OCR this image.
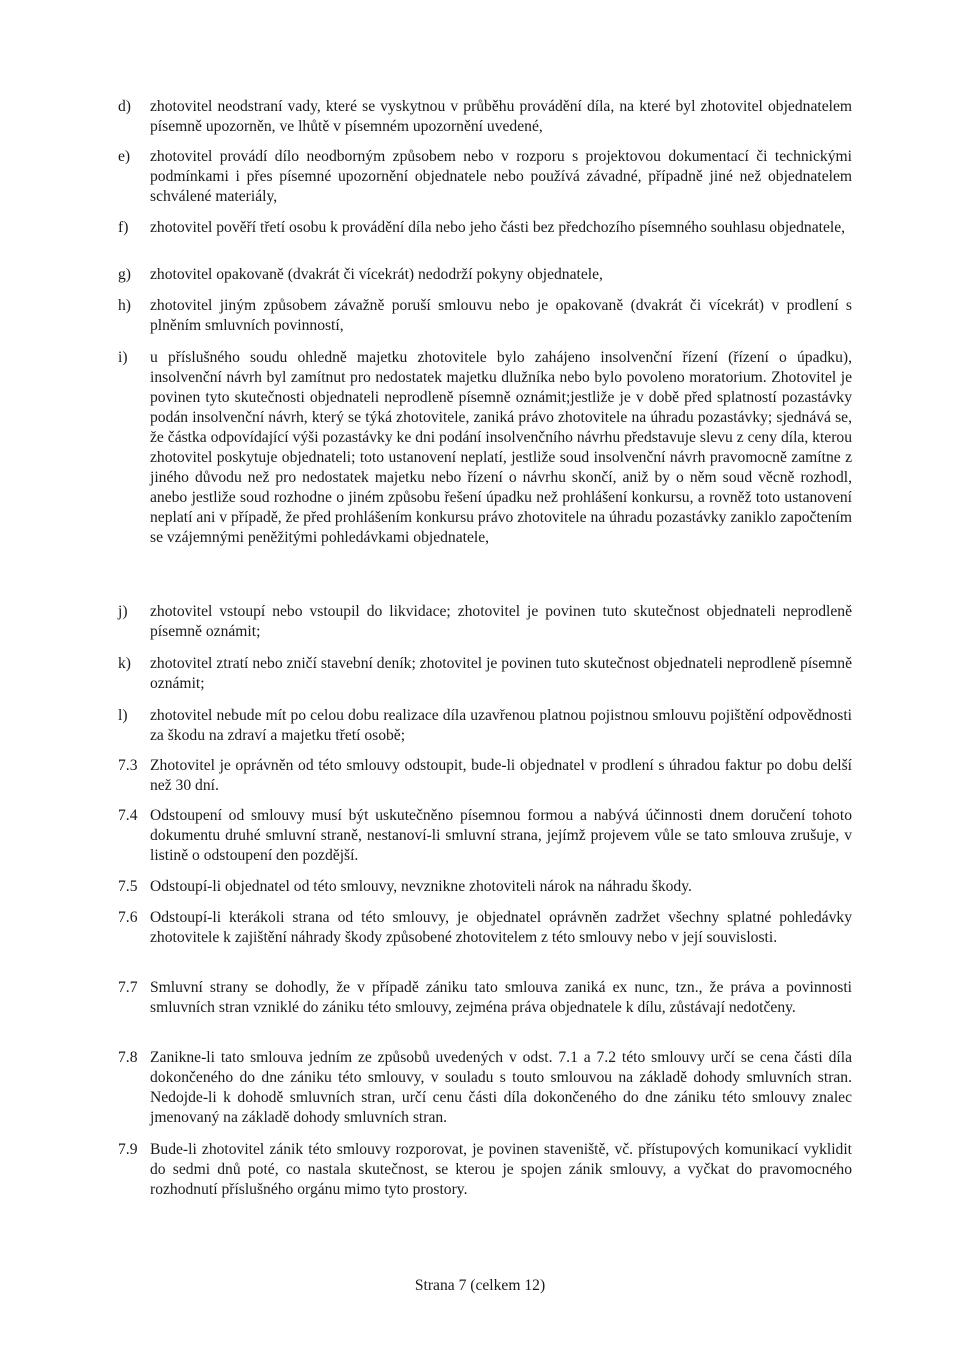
d)	zhotovitel neodstraní vady, které se vyskytnou v průběhu provádění díla, na které byl zhotovitel objednatelem písemně upozorněn, ve lhůtě v písemném upozornění uvedené,
e)	zhotovitel provádí dílo neodborným způsobem nebo v rozporu s projektovou dokumentací či technickými podmínkami i přes písemné upozornění objednatele nebo používá závadné, případně jiné než objednatelem schválené materiály,
f)	zhotovitel pověří třetí osobu k provádění díla nebo jeho části bez předchozího písemného souhlasu objednatele,
g)	zhotovitel opakovaně (dvakrát či vícekrát) nedodrží pokyny objednatele,
h)	zhotovitel jiným způsobem závažně poruší smlouvu nebo je opakovaně (dvakrát či vícekrát) v prodlení s plněním smluvních povinností,
i)	u příslušného soudu ohledně majetku zhotovitele bylo zahájeno insolvenční řízení (řízení o úpadku), insolvenční návrh byl zamítnut pro nedostatek majetku dlužníka nebo bylo povoleno moratorium. Zhotovitel je povinen tyto skutečnosti objednateli neprodleně písemně oznámit;jestliže je v době před splatností pozastávky podán insolvenční návrh, který se týká zhotovitele, zaniká právo zhotovitele na úhradu pozastávky; sjednává se, že částka odpovídající výši pozastávky ke dni podání insolvenčního návrhu představuje slevu z ceny díla, kterou zhotovitel poskytuje objednateli; toto ustanovení neplatí, jestliže soud insolvenční návrh pravomocně zamítne z jiného důvodu než pro nedostatek majetku nebo řízení o návrhu skončí, aniž by o něm soud věcně rozhodl, anebo jestliže soud rozhodne o jiném způsobu řešení úpadku než prohlášení konkursu, a rovněž toto ustanovení neplatí ani v případě, že před prohlášením konkursu právo zhotovitele na úhradu pozastávky zaniklo započtením se vzájemnými peněžitými pohledávkami objednatele,
j)	zhotovitel vstoupí nebo vstoupil do likvidace; zhotovitel je povinen tuto skutečnost objednateli neprodleně písemně oznámit;
k)	zhotovitel ztratí nebo zničí stavební deník; zhotovitel je povinen tuto skutečnost objednateli neprodleně písemně oznámit;
l)	zhotovitel nebude mít po celou dobu realizace díla uzavřenou platnou pojistnou smlouvu pojištění odpovědnosti za škodu na zdraví a majetku třetí osobě;
7.3 Zhotovitel je oprávněn od této smlouvy odstoupit, bude-li objednatel v prodlení s úhradou faktur po dobu delší než 30 dní.
7.4 Odstoupení od smlouvy musí být uskutečněno písemnou formou a nabývá účinnosti dnem doručení tohoto dokumentu druhé smluvní straně, nestanoví-li smluvní strana, jejímž projevem vůle se tato smlouva zrušuje, v listině o odstoupení den pozdější.
7.5 Odstoupí-li objednatel od této smlouvy, nevznikne zhotoviteli nárok na náhradu škody.
7.6 Odstoupí-li kterákoli strana od této smlouvy, je objednatel oprávněn zadržet všechny splatné pohledávky zhotovitele k zajištění náhrady škody způsobené zhotovitelem z této smlouvy nebo v její souvislosti.
7.7 Smluvní strany se dohodly, že v případě zániku tato smlouva zaniká ex nunc, tzn., že práva a povinnosti smluvních stran vzniklé do zániku této smlouvy, zejména práva objednatele k dílu, zůstávají nedotčeny.
7.8 Zanikne-li tato smlouva jedním ze způsobů uvedených v odst. 7.1 a 7.2 této smlouvy určí se cena části díla dokončeného do dne zániku této smlouvy, v souladu s touto smlouvou na základě dohody smluvních stran. Nedojde-li k dohodě smluvních stran, určí cenu části díla dokončeného do dne zániku této smlouvy znalec jmenovaný na základě dohody smluvních stran.
7.9 Bude-li zhotovitel zánik této smlouvy rozporovat, je povinen staveniště, vč. přístupových komunikací vyklidit do sedmi dnů poté, co nastala skutečnost, se kterou je spojen zánik smlouvy, a vyčkat do pravomocného rozhodnutí příslušného orgánu mimo tyto prostory.
Strana 7 (celkem 12)
